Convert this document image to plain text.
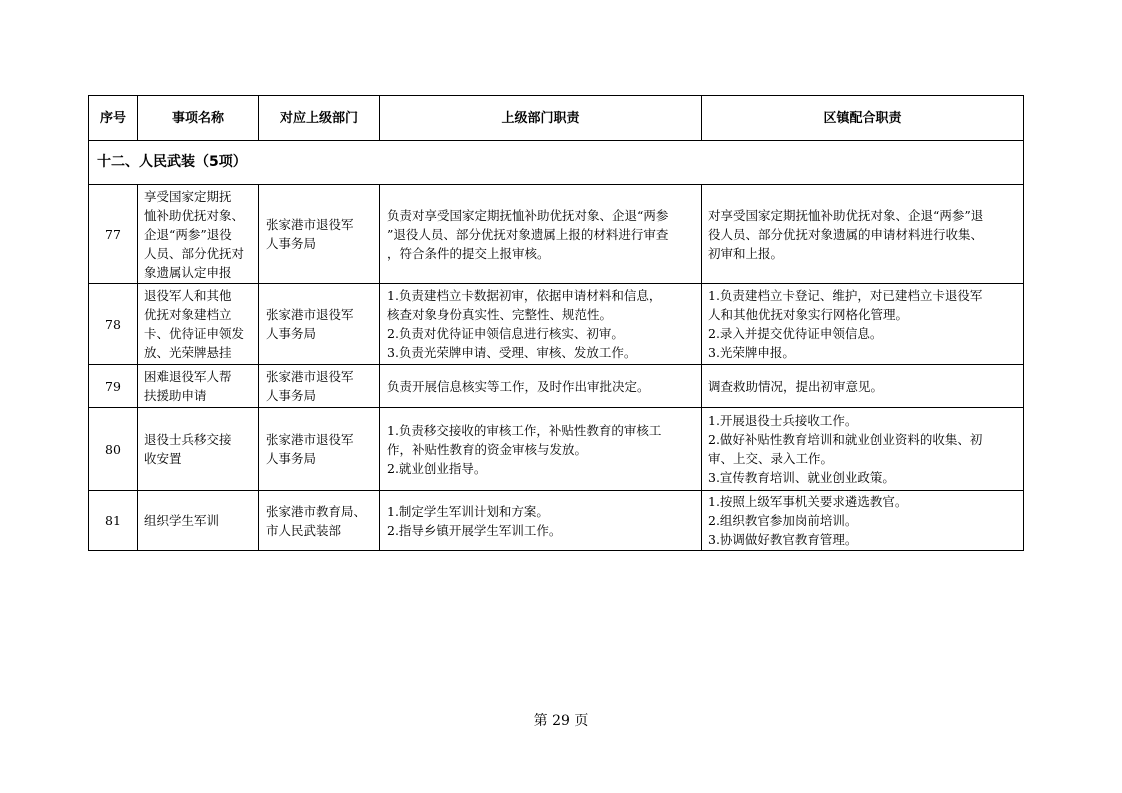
序号	事项名称	对应上级部门	上级部门职责	区镇配合职责
十二、人民武装（5项）				
77	享受国家定期抚
恤补助优抚对象、
企退“两参”退役
人员、部分优抚对
象遗属认定申报	张家港市退役军
人事务局	负责对享受国家定期抚恤补助优抚对象、企退“两参
”退役人员、部分优抚对象遗属上报的材料进行审查
，符合条件的提交上报审核。	对享受国家定期抚恤补助优抚对象、企退“两参”退
役人员、部分优抚对象遗属的申请材料进行收集、
初审和上报。

78	退役军人和其他
优抚对象建档立
卡、优待证申领发
放、光荣牌悬挂	张家港市退役军
人事务局	1.负责建档立卡数据初审，依据申请材料和信息，
核查对象身份真实性、完整性、规范性。
2.负责对优待证申领信息进行核实、初审。
3.负责光荣牌申请、受理、审核、发放工作。	1.负责建档立卡登记、维护，对已建档立卡退役军
人和其他优抚对象实行网格化管理。
2.录入并提交优待证申领信息。
3.光荣牌申报。

79	困难退役军人帮
扶援助申请	张家港市退役军
人事务局	负责开展信息核实等工作，及时作出审批决定。	调查救助情况，提出初审意见。

80	退役士兵移交接
收安置	张家港市退役军
人事务局	1.负责移交接收的审核工作，补贴性教育的审核工
作，补贴性教育的资金审核与发放。
2.就业创业指导。	1.开展退役士兵接收工作。
2.做好补贴性教育培训和就业创业资料的收集、初
审、上交、录入工作。
3.宣传教育培训、就业创业政策。

81	组织学生军训	张家港市教育局、
市人民武装部	1.制定学生军训计划和方案。
2.指导乡镇开展学生军训工作。	1.按照上级军事机关要求遴选教官。
2.组织教官参加岗前培训。
3.协调做好教官教育管理。
第 29 页
